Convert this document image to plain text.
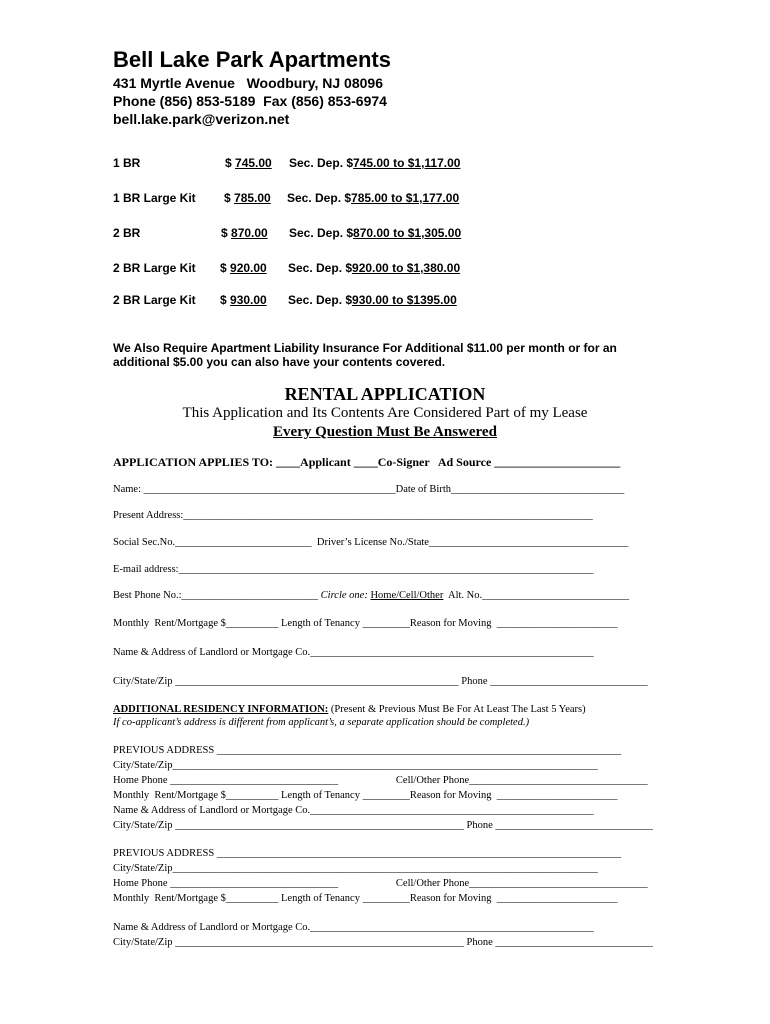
Bell Lake Park Apartments
431 Myrtle Avenue   Woodbury, NJ 08096
Phone (856) 853-5189  Fax (856) 853-6974
bell.lake.park@verizon.net
1 BR	$ 745.00 Sec. Dep. $745.00 to $1,117.00
1 BR Large Kit $ 785.00 Sec. Dep. $785.00 to $1,177.00
2 BR	$ 870.00 Sec. Dep. $870.00 to $1,305.00
2 BR Large Kit $ 920.00 Sec. Dep. $920.00 to $1,380.00
2 BR Large Kit $ 930.00 Sec. Dep. $930.00 to $1395.00
We Also Require Apartment Liability Insurance For Additional $11.00 per month or for an
additional $5.00 you can also have your contents covered.
RENTAL APPLICATION
This Application and Its Contents Are Considered Part of my Lease
Every Question Must Be Answered
APPLICATION APPLIES TO: ____Applicant ____Co-Signer   Ad Source _____________________
Name: ________________________________________________Date of Birth_________________________________
Present Address:______________________________________________________________________________
Social Sec.No.__________________________  Driver’s License No./State______________________________________
E-mail address:_______________________________________________________________________________
Best Phone No.:__________________________ Circle one: Home/Cell/Other  Alt. No.____________________________
Monthly  Rent/Mortgage $__________ Length of Tenancy _________Reason for Moving  _______________________
Name & Address of Landlord or Mortgage Co.______________________________________________________
City/State/Zip ______________________________________________________ Phone ______________________________
ADDITIONAL RESIDENCY INFORMATION: (Present & Previous Must Be For At Least The Last 5 Years)
If co-applicant’s address is different from applicant’s, a separate application should be completed.)
PREVIOUS ADDRESS _____________________________________________________________________________
City/State/Zip_________________________________________________________________________________
Home Phone ________________________________                      Cell/Other Phone__________________________________
Monthly  Rent/Mortgage $__________ Length of Tenancy _________Reason for Moving  _______________________
Name & Address of Landlord or Mortgage Co.______________________________________________________
City/State/Zip _______________________________________________________ Phone ______________________________
PREVIOUS ADDRESS _____________________________________________________________________________
City/State/Zip_________________________________________________________________________________
Home Phone ________________________________                      Cell/Other Phone__________________________________
Monthly  Rent/Mortgage $__________ Length of Tenancy _________Reason for Moving  _______________________
Name & Address of Landlord or Mortgage Co.______________________________________________________
City/State/Zip _______________________________________________________ Phone ______________________________
